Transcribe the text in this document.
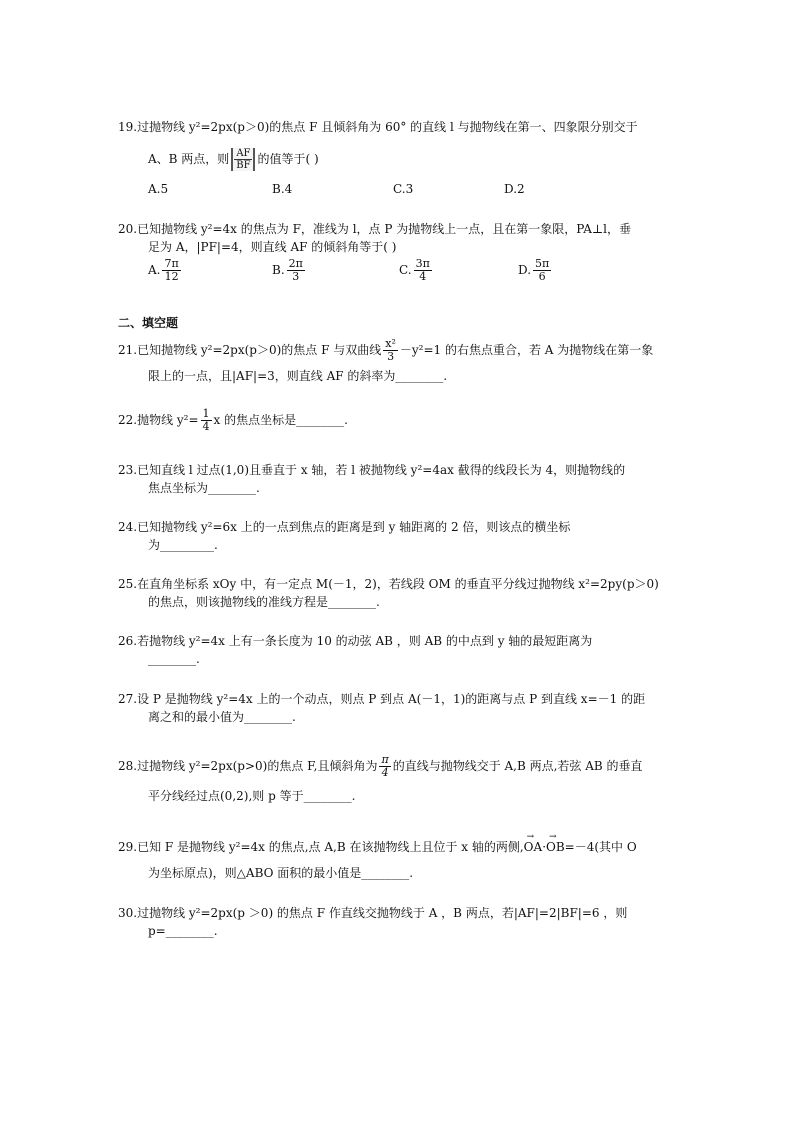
19.过抛物线 y²=2px(p＞0)的焦点 F 且倾斜角为 60° 的直线 l 与抛物线在第一、四象限分别交于
A、B 两点，则 $\frac{AF}{BF}$ 的值等于( )
A.5	B.4	C.3	D.2
20.已知抛物线 y²=4x 的焦点为 F，准线为 l，点 P 为抛物线上一点，且在第一象限，PA⊥l，垂
足为 A，|PF|=4，则直线 AF 的倾斜角等于( )
A. $\frac{7\pi}{12}$	B. $\frac{2\pi}{3}$	C. $\frac{3\pi}{4}$	D. $\frac{5\pi}{6}$
二、填空题
21.已知抛物线 y²=2px(p＞0)的焦点 F 与双曲线 $\frac{\text{x²}}{3} -y^2=1$ 的右焦点重合，若 A 为抛物线在第一象
限上的一点，且|AF|=3，则直线 AF 的斜率为________.
22.抛物线 $y^2= \frac{1}{4}$ x 的焦点坐标是________.
23.已知直线 l 过点(1,0)且垂直于 x 轴，若 l 被抛物线 y²=4ax 截得的线段长为 4，则抛物线的
焦点坐标为________.
24.已知抛物线 y²=6x 上的一点到焦点的距离是到 y 轴距离的 2 倍，则该点的横坐标
为_________.
25.在直角坐标系 xOy 中，有一定点 M(－1，2)，若线段 OM 的垂直平分线过抛物线 x²=2py(p＞0)
的焦点，则该抛物线的准线方程是________.
26.若抛物线 y²=4x 上有一条长度为 10 的动弦 AB ，则 AB 的中点到 y 轴的最短距离为
________.
27.设 P 是抛物线 y²=4x 上的一个动点，则点 P 到点 A(－1，1)的距离与点 P 到直线 x=－1 的距
离之和的最小值为________.
28.过抛物线 y²=2px(p>0)的焦点 F,且倾斜角为 $\frac{\pi}{4}$ 的直线与抛物线交于 A,B 两点,若弦 AB 的垂直
平分线经过点(0,2),则 p 等于________.
29.已知 F 是抛物线 y²=4x 的焦点,点 A,B 在该抛物线上且位于 x 轴的两侧,→ OA·→ OB=－4(其中 O
为坐标原点)，则△ABO 面积的最小值是________.
30.过抛物线 y²=2px(p ＞0) 的焦点 F 作直线交抛物线于 A ，B 两点，若|AF|=2|BF|=6 ，则
p=________.
